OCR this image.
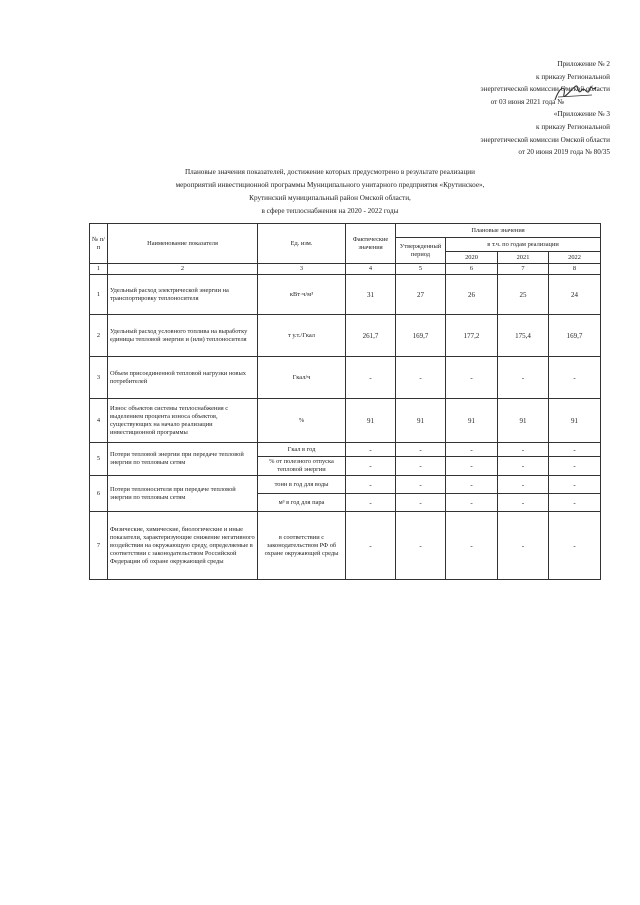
Приложение № 2
к приказу Региональной
энергетической комиссии Омской области
от 03 июня 2021 года №
«Приложение № 3
к приказу Региональной
энергетической комиссии Омской области
от 20 июня 2019 года № 80/35
Плановые значения показателей, достижение которых предусмотрено в результате реализации
мероприятий инвестиционной программы Муниципального унитарного предприятия «Крутинское»,
Крутинский муниципальный район Омской области,
в сфере теплоснабжения на 2020 - 2022 годы
№ п/п	Наименование показателя	Ед. изм.	Фактические значения	Плановые значения			
				Утвержденный период	в т.ч. по годам реализации		
					2020	2021	2022
1	2	3	4	5	6	7	8
1	Удельный расход электрической энергии на транспортировку теплоносителя	кВт·ч/м³	31	27	26	25	24
2	Удельный расход условного топлива на выработку единицы тепловой энергии и (или) теплоносителя	т у.т./Гкал	261,7	169,7	177,2	175,4	169,7
3	Объем присоединенной тепловой нагрузки новых потребителей	Гкал/ч	-	-	-	-	-
4	Износ объектов системы теплоснабжения с выделением процента износа объектов, существующих на начало реализации инвестиционной программы	%	91	91	91	91	91
5	Потери тепловой энергии при передаче тепловой энергии по тепловым сетям	Гкал в год	-	-	-	-	-
		% от полезного отпуска тепловой энергии	-	-	-	-	-
6	Потери теплоносителя при передаче тепловой энергии по тепловым сетям	тонн в год для воды	-	-	-	-	-
		м³ в год для пара	-	-	-	-	-
7	Физические, химические, биологические и иные показатели, характеризующие снижение негативного воздействия на окружающую среду, определяемые в соответствии с законодательством Российской Федерации об охране окружающей среды	в соответствии с законодательством РФ об охране окружающей среды	-	-	-	-	-
